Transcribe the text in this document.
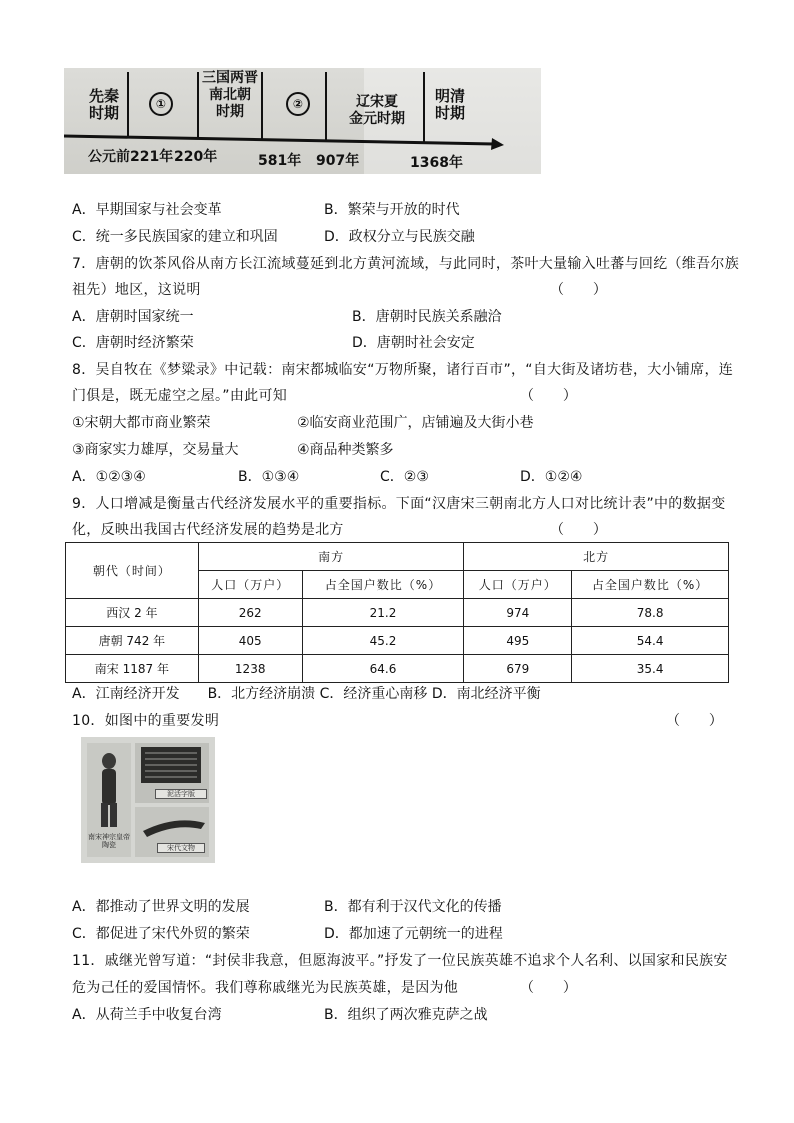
先秦
时期	①
三国两晋
南北朝
时期	②	辽宋夏
金元时期
明清
时期
公元前221年 220年	581年 907年	1368年
A．早期国家与社会变革	B．繁荣与开放的时代
C．统一多民族国家的建立和巩固	D．政权分立与民族交融
7．唐朝的饮茶风俗从南方长江流域蔓延到北方黄河流域，与此同时，茶叶大量输入吐蕃与回纥（维吾尔族
祖先）地区，这说明	（　　）
A．唐朝时国家统一	B．唐朝时民族关系融洽
C．唐朝时经济繁荣	D．唐朝时社会安定
8．吴自牧在《梦粱录》中记载：南宋都城临安“万物所聚，诸行百市”，“自大街及诸坊巷，大小铺席，连
门俱是，既无虚空之屋。”由此可知	（　　）
①宋朝大都市商业繁荣	②临安商业范围广，店铺遍及大街小巷
③商家实力雄厚，交易量大	④商品种类繁多
A．①②③④	B．①③④	C．②③	D．①②④
9．人口增减是衡量古代经济发展水平的重要指标。下面“汉唐宋三朝南北方人口对比统计表”中的数据变
化，反映出我国古代经济发展的趋势是北方	（　　）
朝代（时间）	南方		北方	
	人口（万户）	占全国户数比（%）	人口（万户）	占全国户数比（%）
西汉 2 年	262	21.2	974	78.8
唐朝 742 年	405	45.2	495	54.4
南宋 1187 年	1238	64.6	679	35.4
A．江南经济开发　　B．北方经济崩溃 C．经济重心南移 D．南北经济平衡
10．如图中的重要发明	（　　）
南宋神宗皇帝
陶瓷
泥活字版
宋代文物
A．都推动了世界文明的发展	B．都有利于汉代文化的传播
C．都促进了宋代外贸的繁荣	D．都加速了元朝统一的进程
11．戚继光曾写道：“封侯非我意，但愿海波平。”抒发了一位民族英雄不追求个人名利、以国家和民族安
危为己任的爱国情怀。我们尊称戚继光为民族英雄，是因为他	（　　）
A．从荷兰手中收复台湾	B．组织了两次雅克萨之战
